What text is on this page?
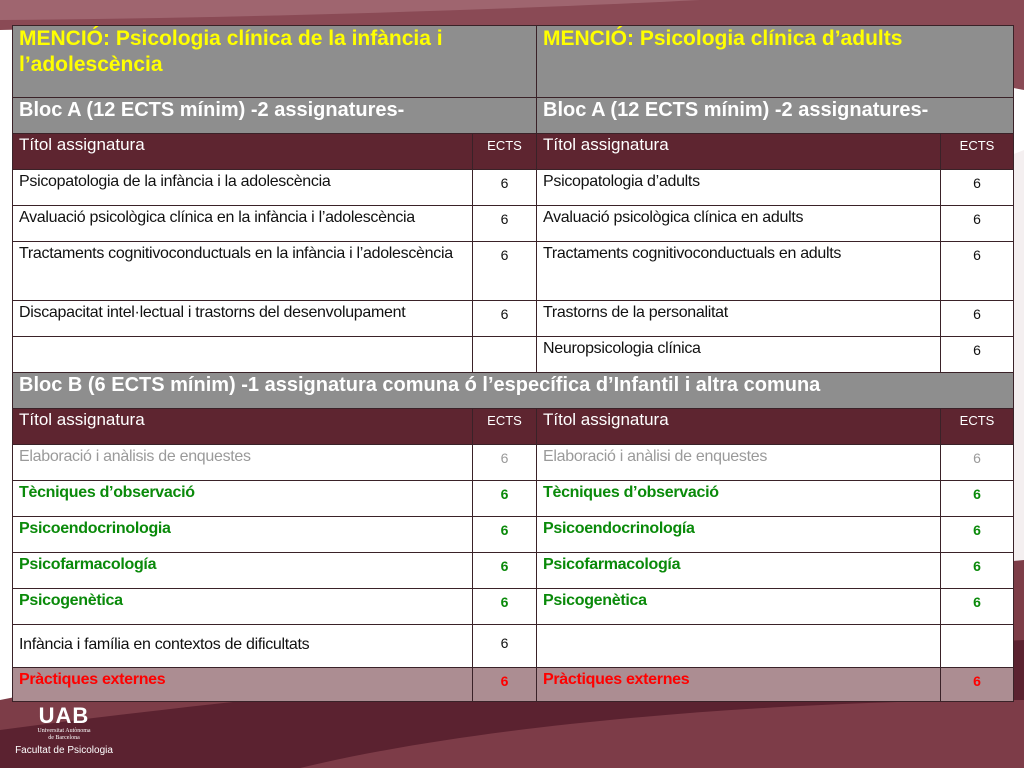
MENCIÓ: Psicologia clínica de la infància i l’adolescència		MENCIÓ: Psicologia clínica d’adults	
Bloc A (12 ECTS mínim) -2 assignatures-		Bloc A (12 ECTS mínim) -2 assignatures-	
Títol assignatura	ECTS	Títol assignatura	ECTS
Psicopatologia de la infància i la adolescència	6	Psicopatologia d’adults	6
Avaluació psicològica clínica en la infància i l’adolescència	6	Avaluació psicològica clínica en adults	6
Tractaments cognitivoconductuals en la infància i l’adolescència	6	Tractaments cognitivoconductuals en adults	6
Discapacitat intel·lectual i trastorns del desenvolupament	6	Trastorns de la personalitat	6
		Neuropsicologia clínica	6
Bloc B (6 ECTS mínim) -1 assignatura comuna ó l’específica d’Infantil i altra comuna			
Títol assignatura	ECTS	Títol assignatura	ECTS
Elaboració i anàlisis de enquestes	6	Elaboració i anàlisi de enquestes	6
Tècniques d’observació	6	Tècniques d’observació	6
Psicoendocrinologia	6	Psicoendocrinología	6
Psicofarmacología	6	Psicofarmacología	6
Psicogenètica	6	Psicogenètica	6
Infància i família en contextos de dificultats	6		
Pràctiques externes	6	Pràctiques externes	6
UAB
Universitat Autònoma
de Barcelona
Facultat de Psicologia
